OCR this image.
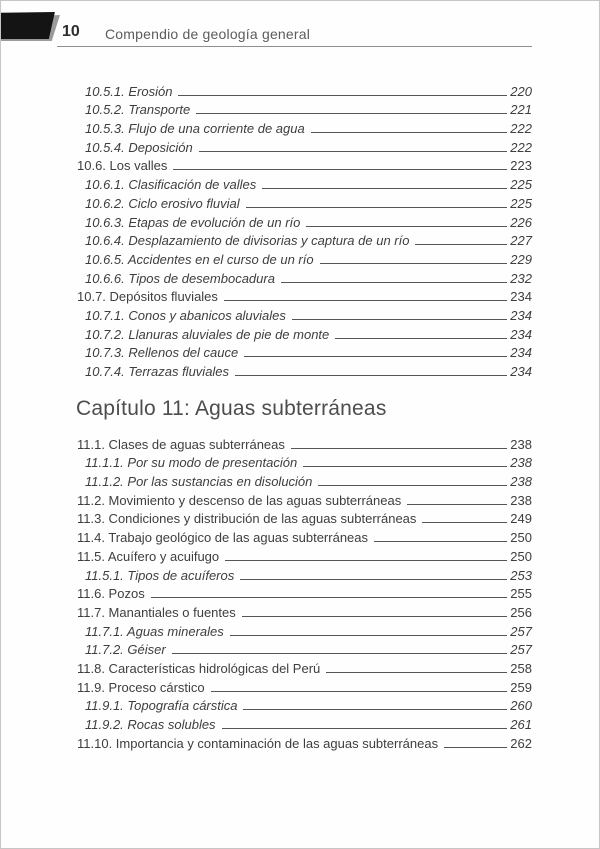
10 Compendio de geología general
10.5.1. Erosión	220
10.5.2. Transporte	221
10.5.3. Flujo de una corriente de agua	222
10.5.4. Deposición	222
10.6. Los valles	223
10.6.1. Clasificación de valles	225
10.6.2. Ciclo erosivo fluvial	225
10.6.3. Etapas de evolución de un río	226
10.6.4. Desplazamiento de divisorias y captura de un río	227
10.6.5. Accidentes en el curso de un río	229
10.6.6. Tipos de desembocadura	232
10.7. Depósitos fluviales	234
10.7.1. Conos y abanicos aluviales	234
10.7.2. Llanuras aluviales de pie de monte	234
10.7.3. Rellenos del cauce	234
10.7.4. Terrazas fluviales	234
Capítulo 11: Aguas subterráneas
11.1. Clases de aguas subterráneas	238
11.1.1. Por su modo de presentación	238
11.1.2. Por las sustancias en disolución	238
11.2. Movimiento y descenso de las aguas subterráneas	238
11.3. Condiciones y distribución de las aguas subterráneas	249
11.4. Trabajo geológico de las aguas subterráneas	250
11.5. Acuífero y acuifugo	250
11.5.1. Tipos de acuíferos	253
11.6. Pozos	255
11.7. Manantiales o fuentes	256
11.7.1. Aguas minerales	257
11.7.2. Géiser	257
11.8. Características hidrológicas del Perú	258
11.9. Proceso cárstico	259
11.9.1. Topografía cárstica	260
11.9.2. Rocas solubles	261
11.10. Importancia y contaminación de las aguas subterráneas	262
